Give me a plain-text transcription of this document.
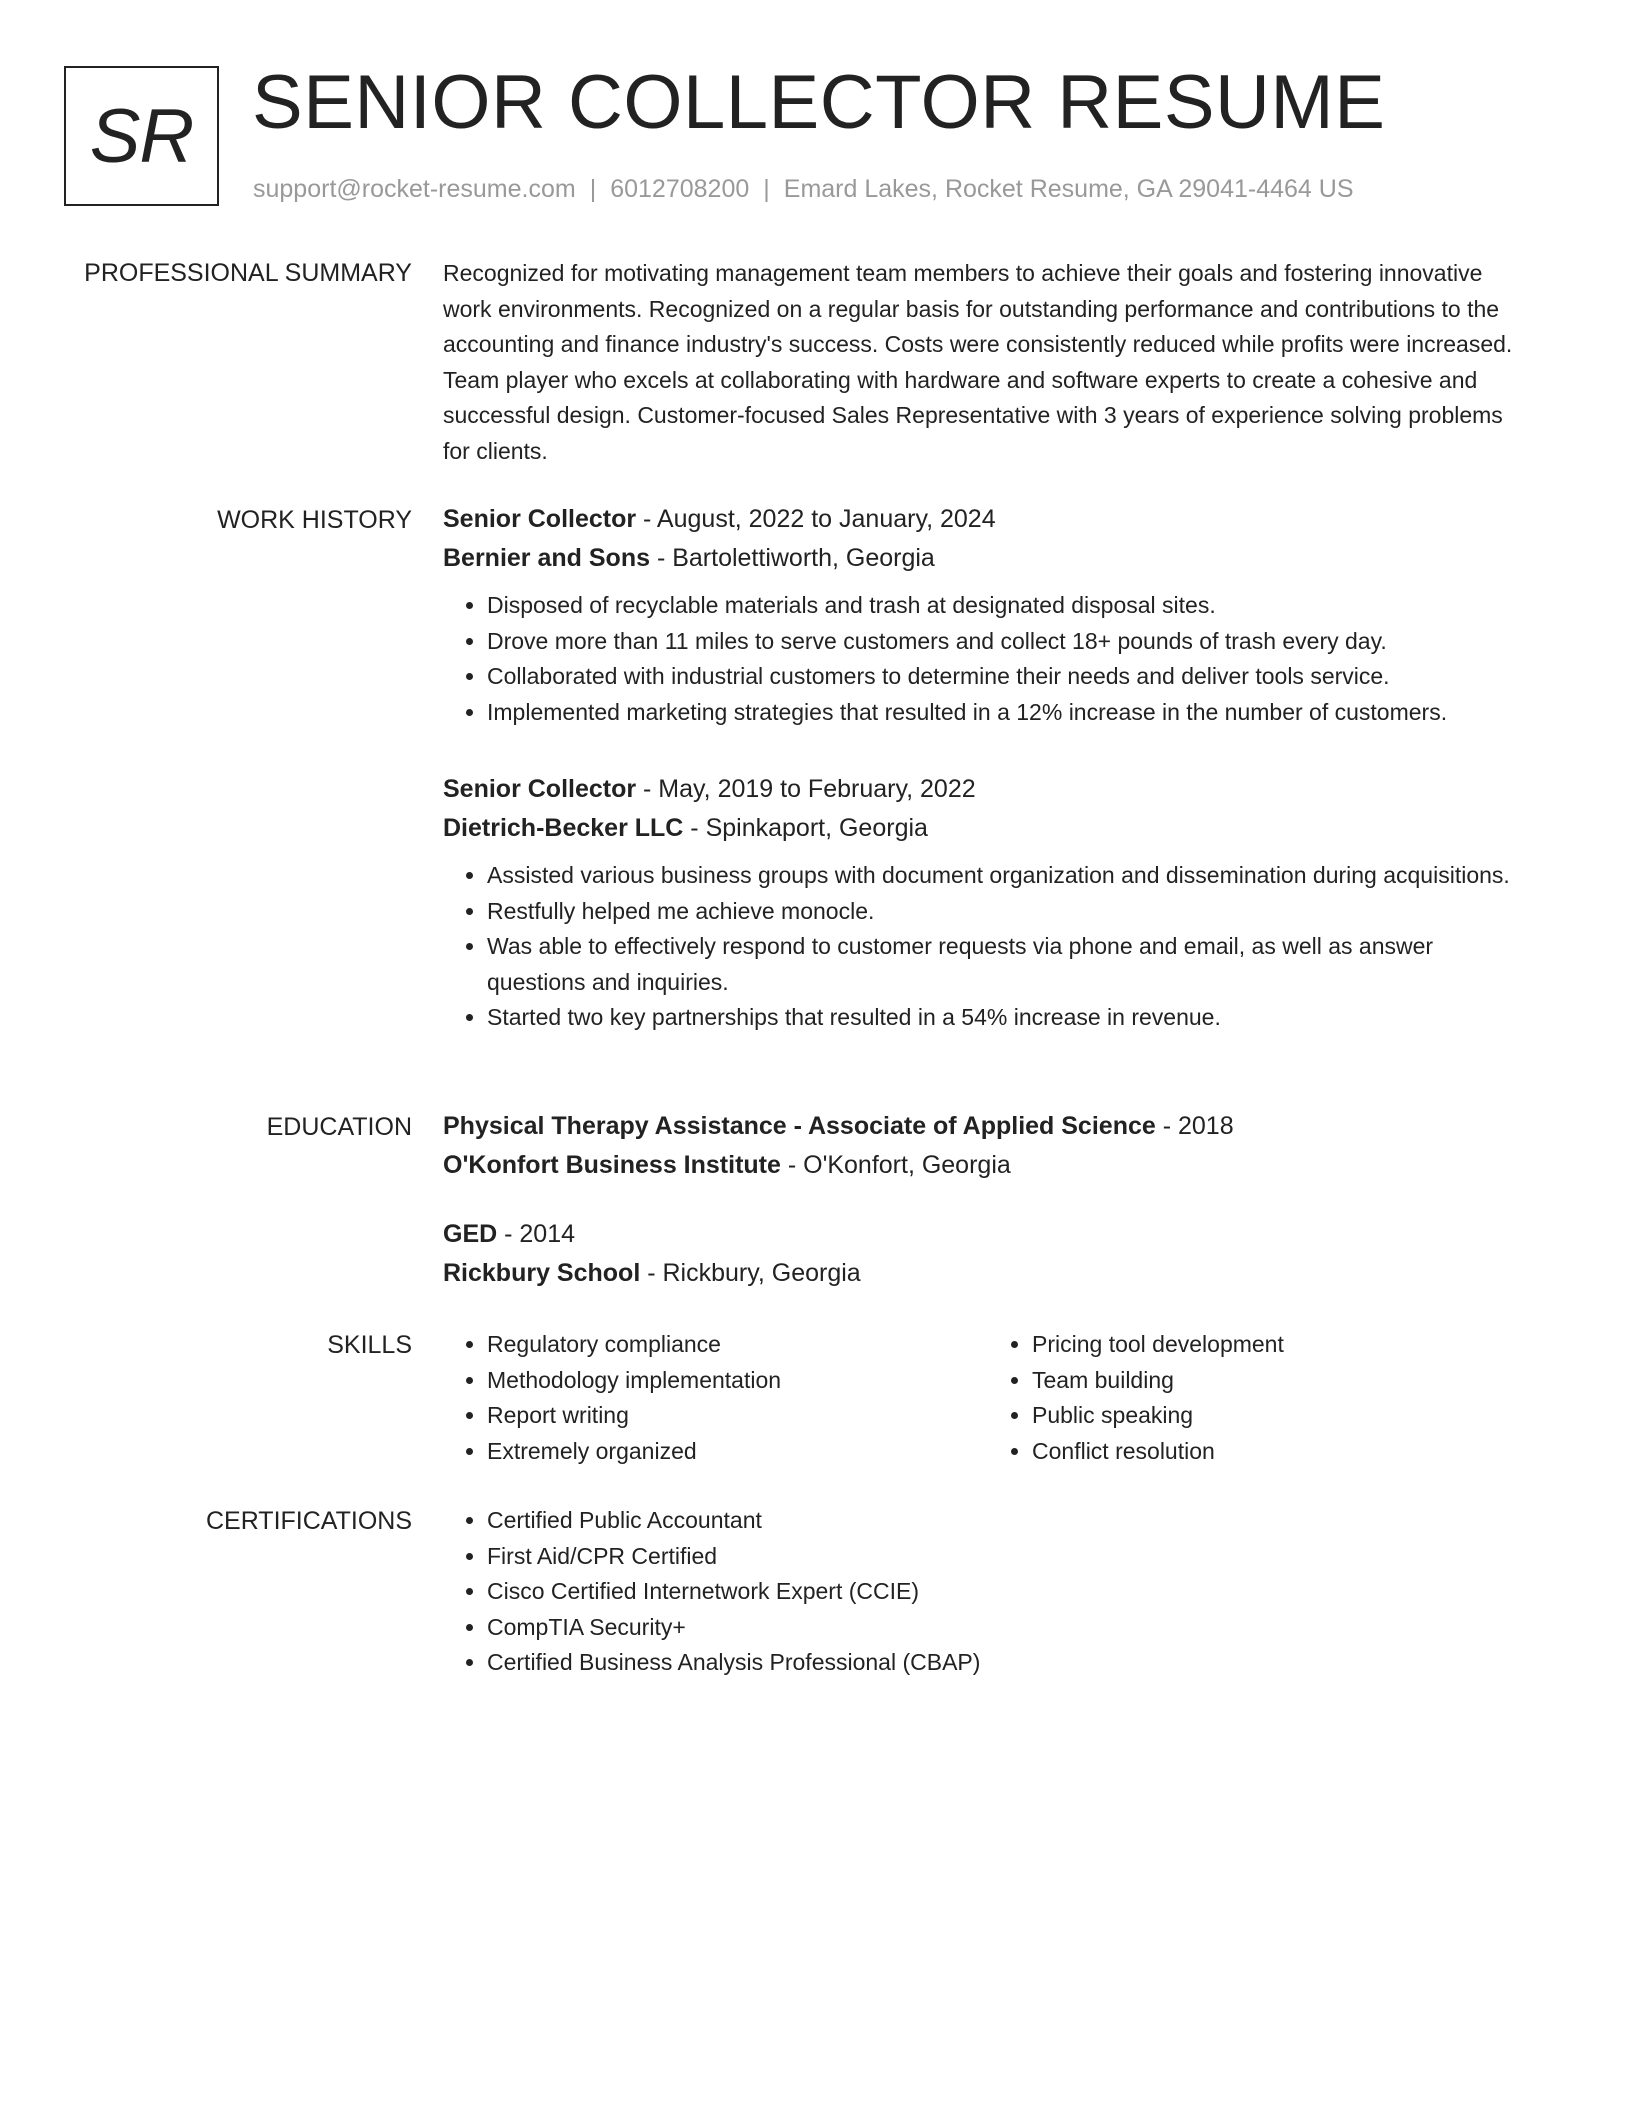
SR SENIOR COLLECTOR RESUME
support@rocket-resume.com | 6012708200 | Emard Lakes, Rocket Resume, GA 29041-4464 US
PROFESSIONAL SUMMARY Recognized for motivating management team members to achieve their goals and fostering innovative work environments. Recognized on a regular basis for outstanding performance and contributions to the accounting and finance industry's success. Costs were consistently reduced while profits were increased. Team player who excels at collaborating with hardware and software experts to create a cohesive and successful design. Customer-focused Sales Representative with 3 years of experience solving problems for clients.

WORK HISTORY Senior Collector - August, 2022 to January, 2024

Bernier and Sons - Bartolettiworth, Georgia

• Disposed of recyclable materials and trash at designated disposal sites.
• Drove more than 11 miles to serve customers and collect 18+ pounds of trash every day.
• Collaborated with industrial customers to determine their needs and deliver tools service.
• Implemented marketing strategies that resulted in a 12% increase in the number of customers.

Senior Collector - May, 2019 to February, 2022

Dietrich-Becker LLC - Spinkaport, Georgia

• Assisted various business groups with document organization and dissemination during acquisitions.
• Restfully helped me achieve monocle.
• Was able to effectively respond to customer requests via phone and email, as well as answer questions and inquiries.
• Started two key partnerships that resulted in a 54% increase in revenue.
EDUCATION Physical Therapy Assistance - Associate of Applied Science - 2018

O'Konfort Business Institute - O'Konfort, Georgia

GED - 2014

Rickbury School - Rickbury, Georgia

SKILLS	• Regulatory compliance
• Methodology implementation
• Report writing
• Extremely organized
• Pricing tool development
• Team building
• Public speaking
• Conflict resolution
CERTIFICATIONS	• Certified Public Accountant
• First Aid/CPR Certified
• Cisco Certified Internetwork Expert (CCIE)
• CompTIA Security+
• Certified Business Analysis Professional (CBAP)
